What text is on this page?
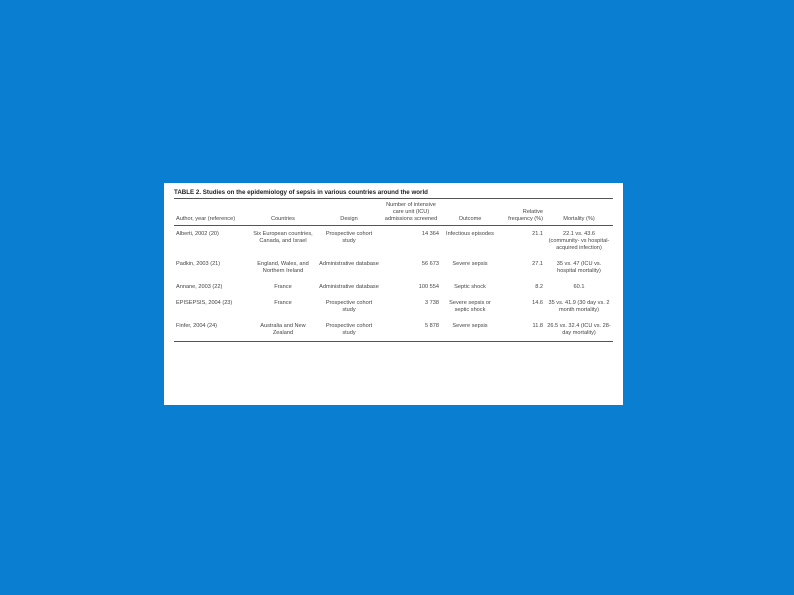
TABLE 2. Studies on the epidemiology of sepsis in various countries around the world
Author, year (reference)	Countries	Design	Number of intensive care unit (ICU) admissions screened	Outcome	Relative frequency (%)	Mortality (%)
Alberti, 2002 (20)	Six European countries, Canada, and Israel	Prospective cohort study	14 364	Infectious episodes	21.1	22.1 vs. 43.6 (community- vs hospital-acquired infection)
Padkin, 2003 (21)	England, Wales, and Northern Ireland	Administrative database	56 673	Severe sepsis	27.1	35 vs. 47 (ICU vs. hospital mortality)
Annane, 2003 (22)	France	Administrative database	100 554	Septic shock	8.2	60.1
EPISEPSIS, 2004 (23)	France	Prospective cohort study	3 738	Severe sepsis or septic shock	14.6	35 vs. 41.9 (30 day vs. 2 month mortality)
Finfer, 2004 (24)	Australia and New Zealand	Prospective cohort study	5 878	Severe sepsis	11.8	26.5 vs. 32.4 (ICU vs. 28-day mortality)
